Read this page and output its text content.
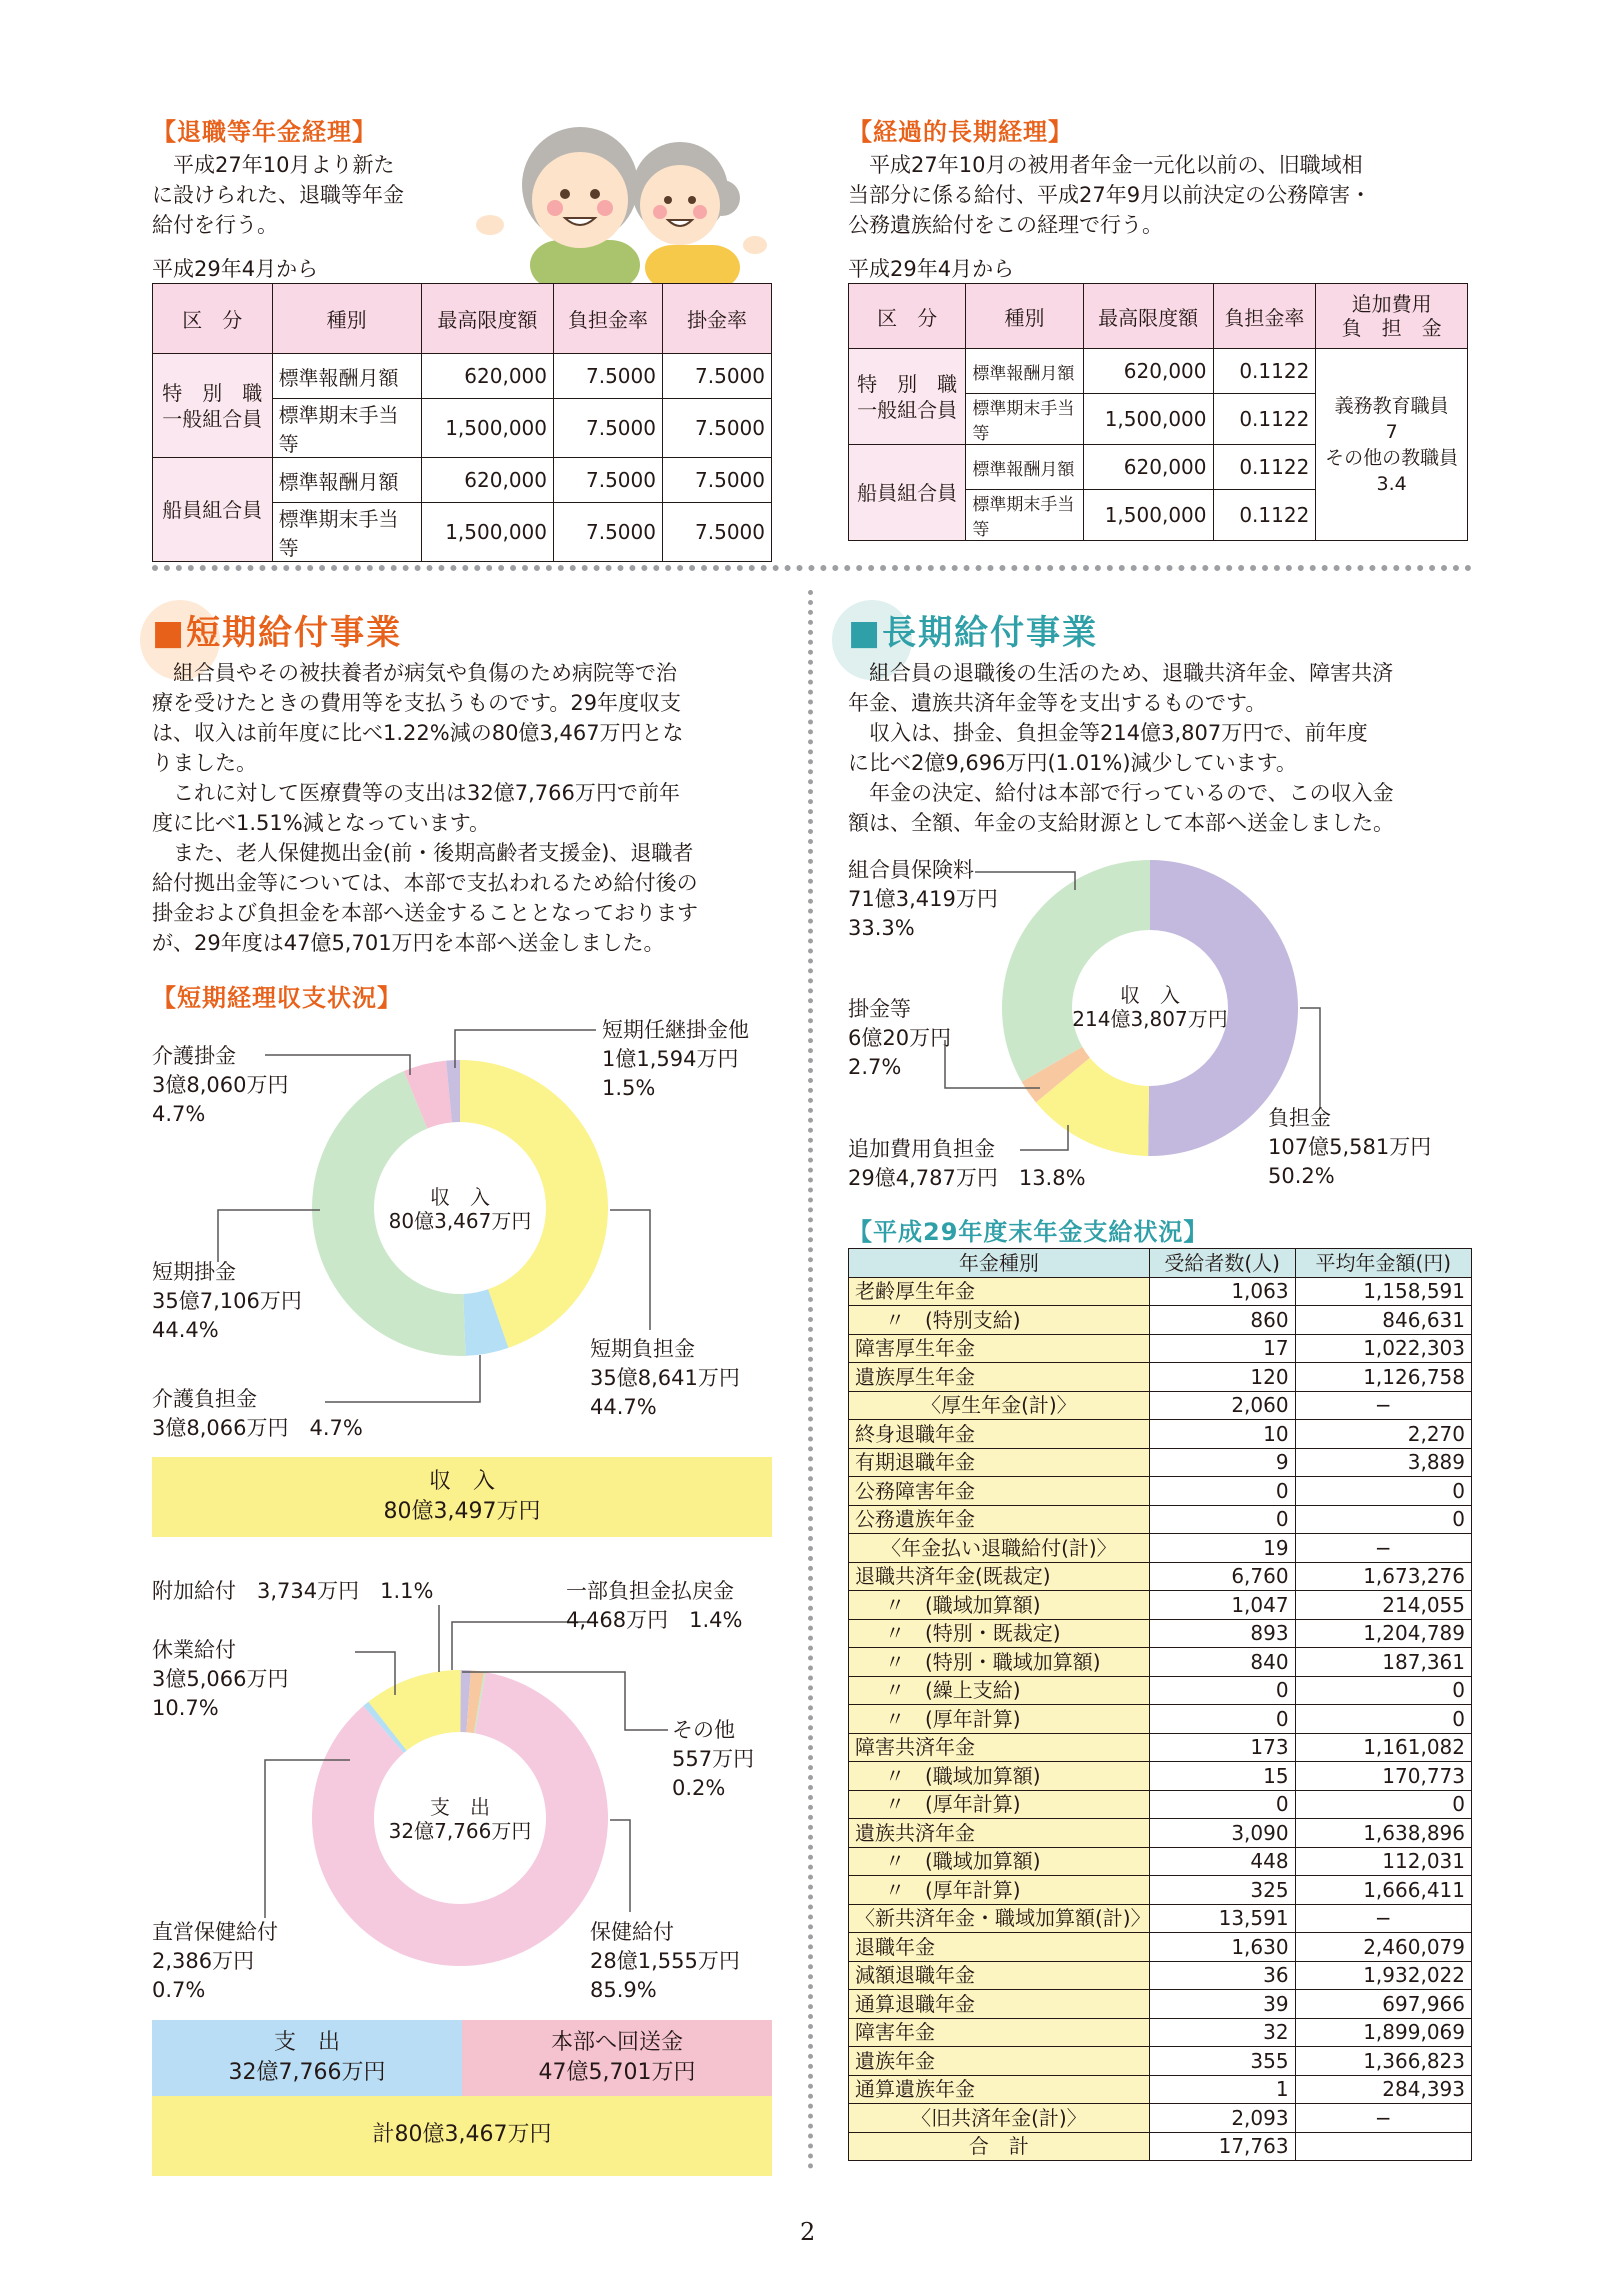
【退職等年金経理】
　平成27年10月より新た
に設けられた、退職等年金
給付を行う。
平成29年4月から
区　分	種別	最高限度額	負担金率	掛金率
特　別　職
一般組合員	標準報酬月額	620,000	7.5000	7.5000
	標準期末手当等	1,500,000	7.5000	7.5000
船員組合員	標準報酬月額	620,000	7.5000	7.5000
	標準期末手当等	1,500,000	7.5000	7.5000
【経過的長期経理】
　平成27年10月の被用者年金一元化以前の、旧職域相
当部分に係る給付、平成27年9月以前決定の公務障害・
公務遺族給付をこの経理で行う。
平成29年4月から
区　分	種別	最高限度額	負担金率	追加費用
負　担　金
特　別　職
一般組合員	標準報酬月額	620,000	0.1122	義務教育職員
7
その他の教職員
3.4
	標準期末手当等	1,500,000	0.1122	
船員組合員	標準報酬月額	620,000	0.1122	
	標準期末手当等	1,500,000	0.1122	
■短期給付事業
　組合員やその被扶養者が病気や負傷のため病院等で治
療を受けたときの費用等を支払うものです。29年度収支
は、収入は前年度に比べ1.22%減の80億3,467万円とな
りました。
　これに対して医療費等の支出は32億7,766万円で前年
度に比べ1.51%減となっています。
　また、老人保健拠出金(前・後期高齢者支援金)、退職者
給付拠出金等については、本部で支払われるため給付後の
掛金および負担金を本部へ送金することとなっております
が、29年度は47億5,701万円を本部へ送金しました。
【短期経理収支状況】
収　入
80億3,467万円
短期任継掛金他
1億1,594万円
1.5%
介護掛金
3億8,060万円
4.7%
短期掛金
35億7,106万円
44.4%
短期負担金
35億8,641万円
44.7%
介護負担金
3億8,066万円　4.7%
収　入
80億3,497万円
支　出
32億7,766万円
附加給付　3,734万円　1.1%	一部負担金払戻金
4,468万円　1.4%
休業給付
3億5,066万円
10.7%
その他
557万円
0.2%
直営保健給付
2,386万円
0.7%
保健給付
28億1,555万円
85.9%
支　出
32億7,766万円
本部へ回送金
47億5,701万円
計80億3,467万円
■長期給付事業
　組合員の退職後の生活のため、退職共済年金、障害共済
年金、遺族共済年金等を支出するものです。
　収入は、掛金、負担金等214億3,807万円で、前年度
に比べ2億9,696万円(1.01%)減少しています。
　年金の決定、給付は本部で行っているので、この収入金
額は、全額、年金の支給財源として本部へ送金しました。
収　入
214億3,807万円
組合員保険料
71億3,419万円
33.3%
掛金等
6億20万円
2.7%
追加費用負担金
29億4,787万円　13.8%
負担金
107億5,581万円
50.2%
【平成29年度末年金支給状況】
年金種別	受給者数(人)	平均年金額(円)
老齢厚生年金	1,063	1,158,591
〃　(特別支給)	860	846,631
障害厚生年金	17	1,022,303
遺族厚生年金	120	1,126,758
〈厚生年金(計)〉	2,060	−
終身退職年金	10	2,270
有期退職年金	9	3,889
公務障害年金	0	0
公務遺族年金	0	0
〈年金払い退職給付(計)〉	19	−
退職共済年金(既裁定)	6,760	1,673,276
〃　(職域加算額)	1,047	214,055
〃　(特別・既裁定)	893	1,204,789
〃　(特別・職域加算額)	840	187,361
〃　(繰上支給)	0	0
〃　(厚年計算)	0	0
障害共済年金	173	1,161,082
〃　(職域加算額)	15	170,773
〃　(厚年計算)	0	0
遺族共済年金	3,090	1,638,896
〃　(職域加算額)	448	112,031
〃　(厚年計算)	325	1,666,411
〈新共済年金・職域加算額(計)〉	13,591	−
退職年金	1,630	2,460,079
減額退職年金	36	1,932,022
通算退職年金	39	697,966
障害年金	32	1,899,069
遺族年金	355	1,366,823
通算遺族年金	1	284,393
〈旧共済年金(計)〉	2,093	−
合　計	17,763	
2
